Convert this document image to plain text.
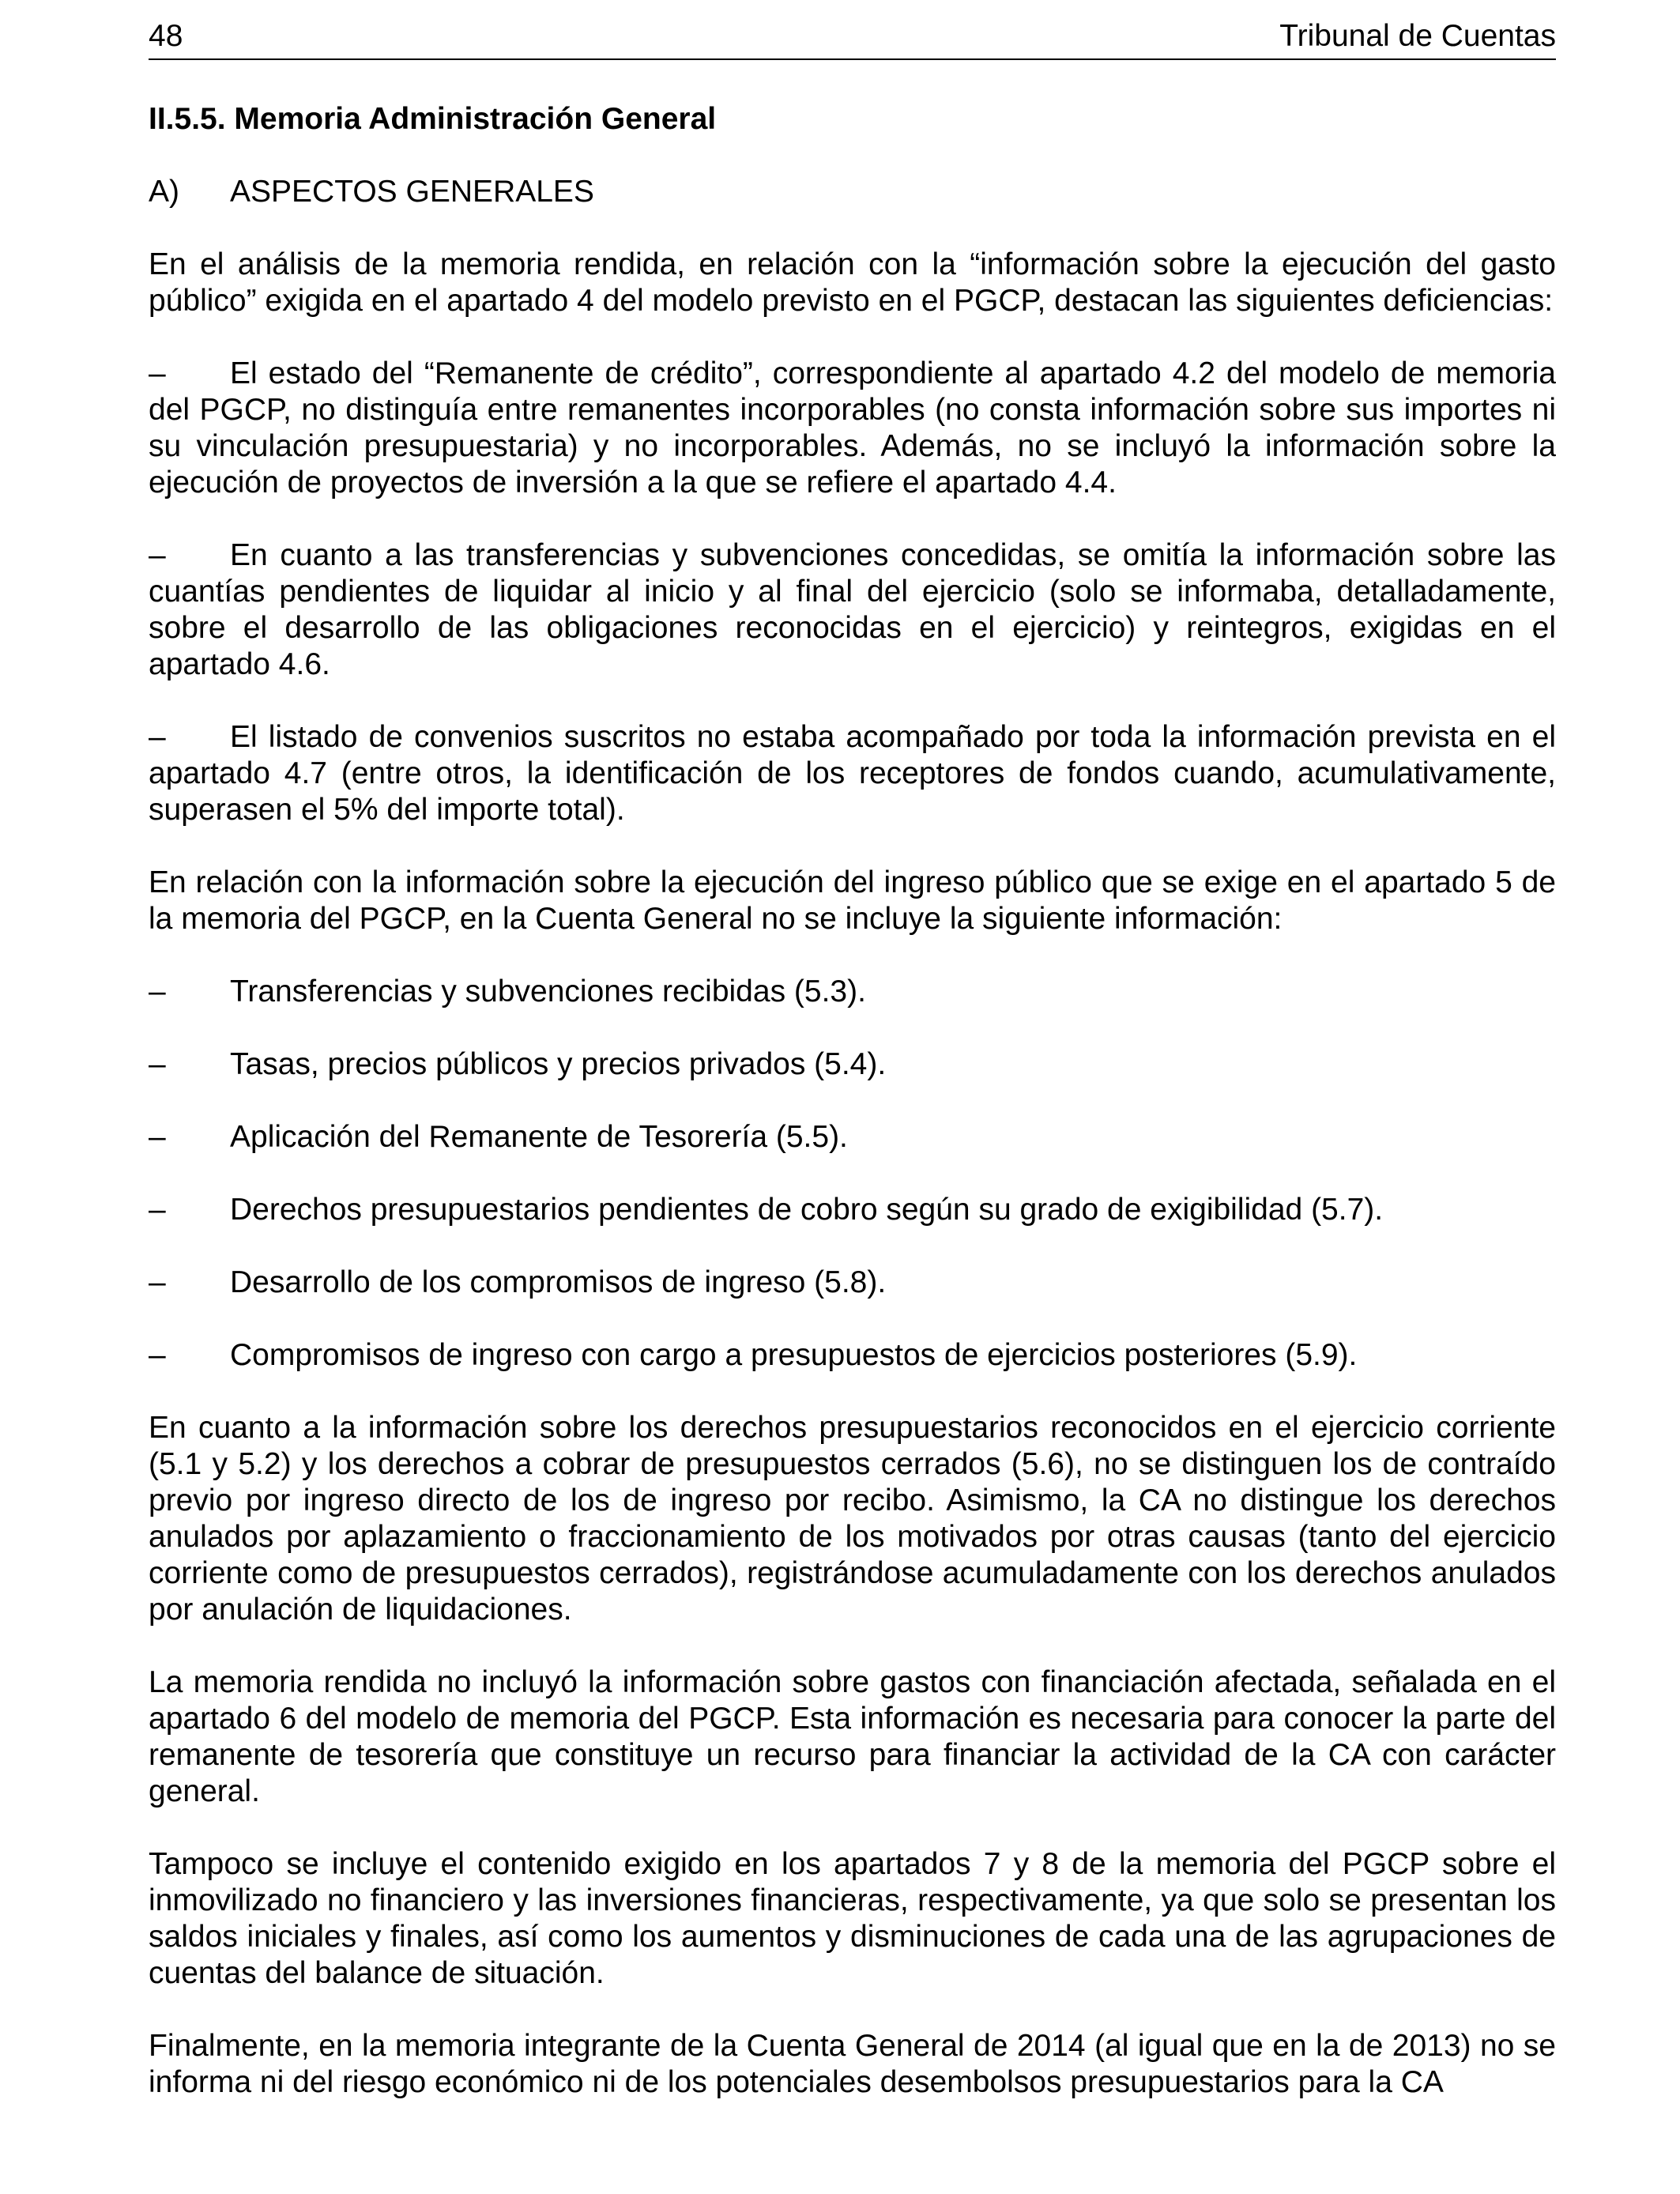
48	Tribunal de Cuentas
II.5.5. Memoria Administración General
A)	ASPECTOS GENERALES

En el análisis de la memoria rendida, en relación con la “información sobre la ejecución del gasto público” exigida en el apartado 4 del modelo previsto en el PGCP, destacan las siguientes deficiencias:

– El estado del “Remanente de crédito”, correspondiente al apartado 4.2 del modelo de memoria del PGCP, no distinguía entre remanentes incorporables (no consta información sobre sus importes ni su vinculación presupuestaria) y no incorporables. Además, no se incluyó la información sobre la ejecución de proyectos de inversión a la que se refiere el apartado 4.4.

– En cuanto a las transferencias y subvenciones concedidas, se omitía la información sobre las cuantías pendientes de liquidar al inicio y al final del ejercicio (solo se informaba, detalladamente, sobre el desarrollo de las obligaciones reconocidas en el ejercicio) y reintegros, exigidas en el apartado 4.6.

– El listado de convenios suscritos no estaba acompañado por toda la información prevista en el apartado 4.7 (entre otros, la identificación de los receptores de fondos cuando, acumulativamente, superasen el 5% del importe total).

En relación con la información sobre la ejecución del ingreso público que se exige en el apartado 5 de la memoria del PGCP, en la Cuenta General no se incluye la siguiente información:

–	Transferencias y subvenciones recibidas (5.3).
–	Tasas, precios públicos y precios privados (5.4).
–	Aplicación del Remanente de Tesorería (5.5).
–	Derechos presupuestarios pendientes de cobro según su grado de exigibilidad (5.7).
–	Desarrollo de los compromisos de ingreso (5.8).
–	Compromisos de ingreso con cargo a presupuestos de ejercicios posteriores (5.9).

En cuanto a la información sobre los derechos presupuestarios reconocidos en el ejercicio corriente (5.1 y 5.2) y los derechos a cobrar de presupuestos cerrados (5.6), no se distinguen los de contraído previo por ingreso directo de los de ingreso por recibo. Asimismo, la CA no distingue los derechos anulados por aplazamiento o fraccionamiento de los motivados por otras causas (tanto del ejercicio corriente como de presupuestos cerrados), registrándose acumuladamente con los derechos anulados por anulación de liquidaciones.

La memoria rendida no incluyó la información sobre gastos con financiación afectada, señalada en el apartado 6 del modelo de memoria del PGCP. Esta información es necesaria para conocer la parte del remanente de tesorería que constituye un recurso para financiar la actividad de la CA con carácter general.

Tampoco se incluye el contenido exigido en los apartados 7 y 8 de la memoria del PGCP sobre el inmovilizado no financiero y las inversiones financieras, respectivamente, ya que solo se presentan los saldos iniciales y finales, así como los aumentos y disminuciones de cada una de las agrupaciones de cuentas del balance de situación.

Finalmente, en la memoria integrante de la Cuenta General de 2014 (al igual que en la de 2013) no se informa ni del riesgo económico ni de los potenciales desembolsos presupuestarios para la CA
